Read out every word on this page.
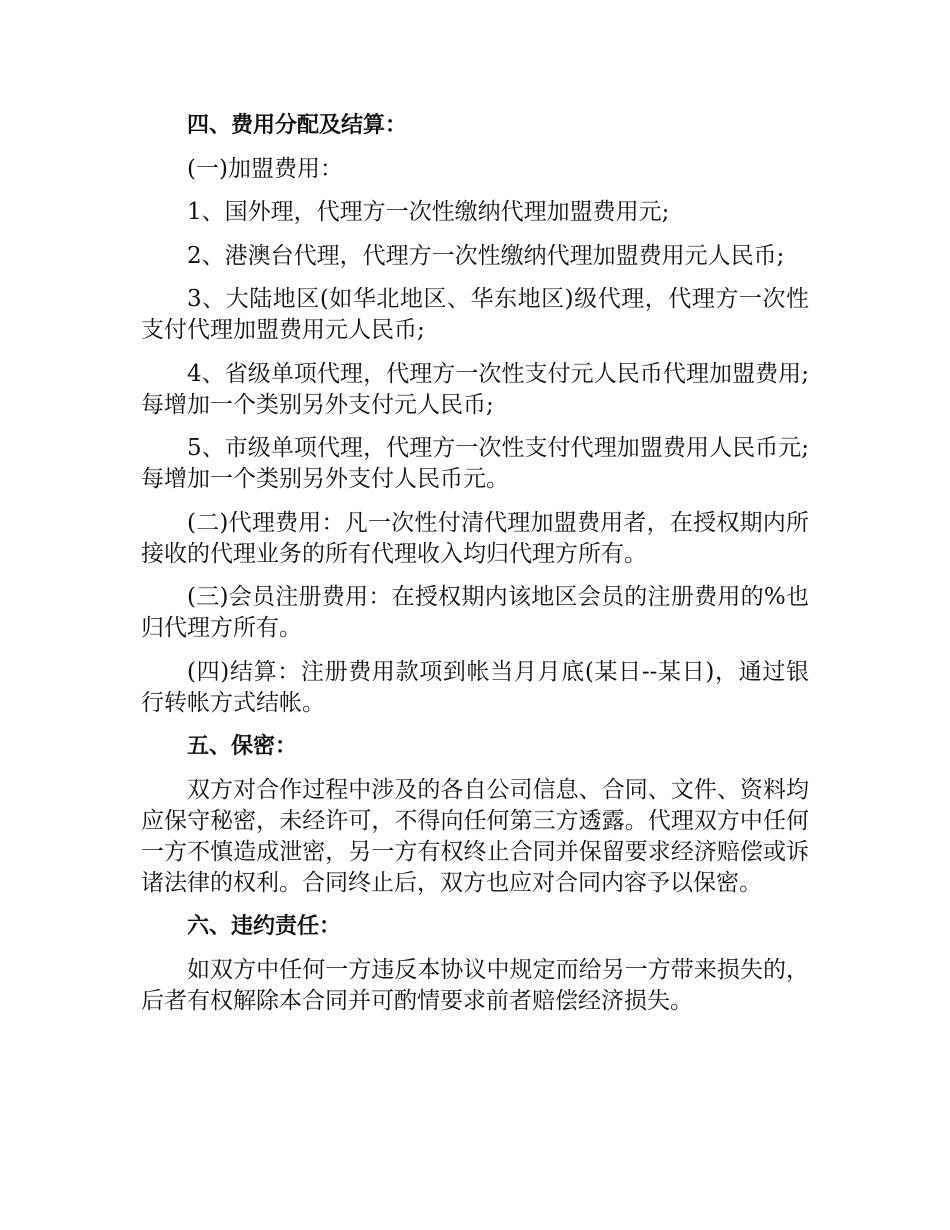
四、费用分配及结算：

(一)加盟费用：

1、国外理，代理方一次性缴纳代理加盟费用元;

2、港澳台代理，代理方一次性缴纳代理加盟费用元人民币;

3、大陆地区(如华北地区、华东地区)级代理，代理方一次性支付代理加盟费用元人民币;

4、省级单项代理，代理方一次性支付元人民币代理加盟费用;每增加一个类别另外支付元人民币;

5、市级单项代理，代理方一次性支付代理加盟费用人民币元;每增加一个类别另外支付人民币元。

(二)代理费用：凡一次性付清代理加盟费用者，在授权期内所接收的代理业务的所有代理收入均归代理方所有。

(三)会员注册费用：在授权期内该地区会员的注册费用的%也归代理方所有。

(四)结算：注册费用款项到帐当月月底(某日--某日)，通过银行转帐方式结帐。

五、保密：

双方对合作过程中涉及的各自公司信息、合同、文件、资料均应保守秘密，未经许可，不得向任何第三方透露。代理双方中任何一方不慎造成泄密，另一方有权终止合同并保留要求经济赔偿或诉诸法律的权利。合同终止后，双方也应对合同内容予以保密。

六、违约责任：

如双方中任何一方违反本协议中规定而给另一方带来损失的，后者有权解除本合同并可酌情要求前者赔偿经济损失。
